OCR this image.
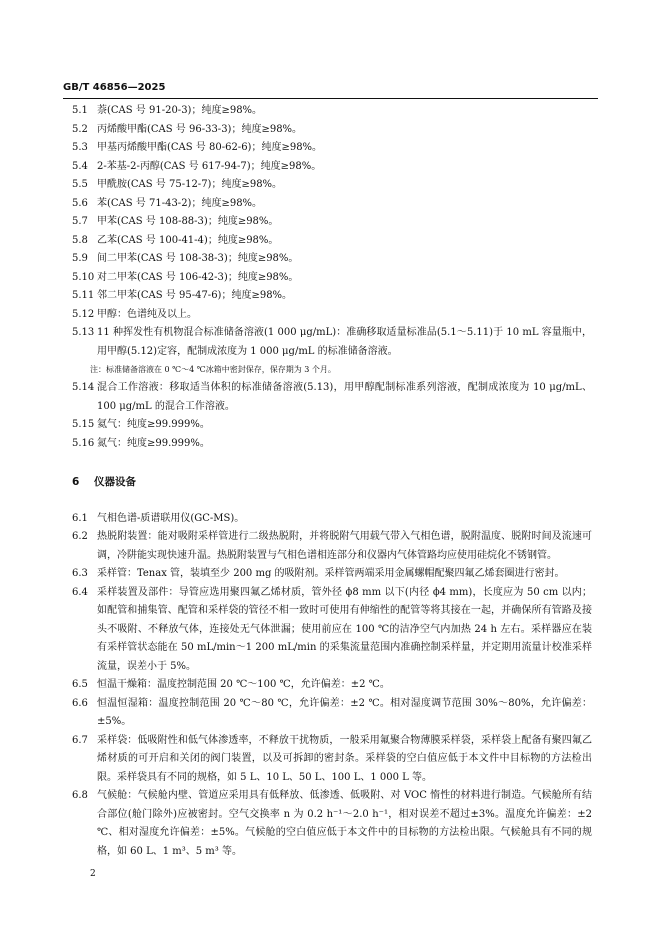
GB/T 46856—2025
5.1 萘(CAS 号 91-20-3)；纯度≥98%。
5.2 丙烯酸甲酯(CAS 号 96-33-3)；纯度≥98%。
5.3 甲基丙烯酸甲酯(CAS 号 80-62-6)；纯度≥98%。
5.4 2-苯基-2-丙醇(CAS 号 617-94-7)；纯度≥98%。
5.5 甲酰胺(CAS 号 75-12-7)；纯度≥98%。
5.6 苯(CAS 号 71-43-2)；纯度≥98%。
5.7 甲苯(CAS 号 108-88-3)；纯度≥98%。
5.8 乙苯(CAS 号 100-41-4)；纯度≥98%。
5.9 间二甲苯(CAS 号 108-38-3)；纯度≥98%。
5.10 对二甲苯(CAS 号 106-42-3)；纯度≥98%。
5.11 邻二甲苯(CAS 号 95-47-6)；纯度≥98%。
5.12 甲醇：色谱纯及以上。
5.13 11 种挥发性有机物混合标准储备溶液(1 000 μg/mL)：准确移取适量标准品(5.1～5.11)于 10 mL 容量瓶中，用甲醇(5.12)定容，配制成浓度为 1 000 μg/mL 的标准储备溶液。
注：标准储备溶液在 0 ℃～4 ℃冰箱中密封保存，保存期为 3 个月。
5.14 混合工作溶液：移取适当体积的标准储备溶液(5.13)，用甲醇配制标准系列溶液，配制成浓度为 10 μg/mL、100 μg/mL 的混合工作溶液。
5.15 氦气：纯度≥99.999%。
5.16 氮气：纯度≥99.999%。
6 仪器设备
6.1 气相色谱-质谱联用仪(GC-MS)。
6.2 热脱附装置：能对吸附采样管进行二级热脱附，并将脱附气用载气带入气相色谱，脱附温度、脱附时间及流速可调，冷阱能实现快速升温。热脱附装置与气相色谱相连部分和仪器内气体管路均应使用硅烷化不锈钢管。
6.3 采样管：Tenax 管，装填至少 200 mg 的吸附剂。采样管两端采用金属螺帽配聚四氟乙烯套圈进行密封。
6.4 采样装置及部件：导管应选用聚四氟乙烯材质，管外径 ϕ8 mm 以下(内径 ϕ4 mm)，长度应为 50 cm 以内；如配管和捕集管、配管和采样袋的管径不相一致时可使用有伸缩性的配管等将其接在一起，并确保所有管路及接头不吸附、不释放气体，连接处无气体泄漏；使用前应在 100 ℃的洁净空气内加热 24 h 左右。采样器应在装有采样管状态能在 50 mL/min～1 200 mL/min 的采集流量范围内准确控制采样量，并定期用流量计校准采样流量，误差小于 5%。
6.5 恒温干燥箱：温度控制范围 20 ℃～100 ℃，允许偏差：±2 ℃。
6.6 恒温恒湿箱：温度控制范围 20 ℃～80 ℃，允许偏差：±2 ℃。相对湿度调节范围 30%～80%，允许偏差：±5%。
6.7 采样袋：低吸附性和低气体渗透率，不释放干扰物质，一般采用氟聚合物薄膜采样袋，采样袋上配备有聚四氟乙烯材质的可开启和关闭的阀门装置，以及可拆卸的密封条。采样袋的空白值应低于本文件中目标物的方法检出限。采样袋具有不同的规格，如 5 L、10 L、50 L、100 L、1 000 L 等。
6.8 气候舱：气候舱内壁、管道应采用具有低释放、低渗透、低吸附、对 VOC 惰性的材料进行制造。气候舱所有结合部位(舱门除外)应被密封。空气交换率 n 为 0.2 h⁻¹～2.0 h⁻¹，相对误差不超过±3%。温度允许偏差：±2 ℃、相对湿度允许偏差：±5%。气候舱的空白值应低于本文件中的目标物的方法检出限。气候舱具有不同的规格，如 60 L、1 m³、5 m³ 等。
2
